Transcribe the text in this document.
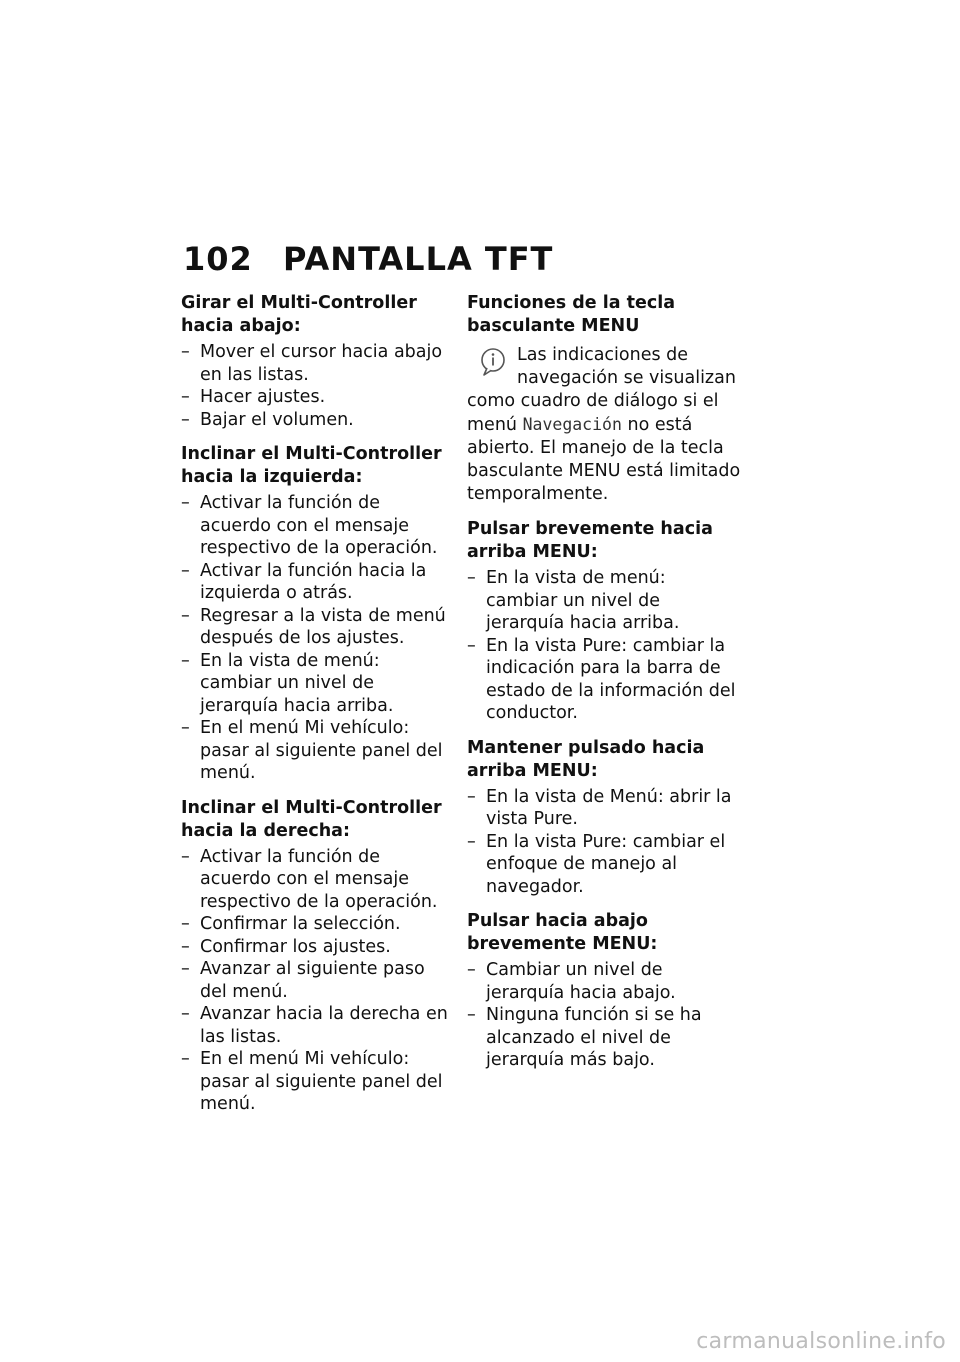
102 PANTALLA TFT
Girar el Multi-Controller hacia abajo:
– Mover el cursor hacia abajo en las listas.
– Hacer ajustes.
– Bajar el volumen.
Inclinar el Multi-Controller hacia la izquierda:
– Activar la función de acuerdo con el mensaje respectivo de la operación.
– Activar la función hacia la izquierda o atrás.
– Regresar a la vista de menú después de los ajustes.
– En la vista de menú: cambiar un nivel de jerarquía hacia arriba.
– En el menú Mi vehículo: pasar al siguiente panel del menú.
Inclinar el Multi-Controller hacia la derecha:
– Activar la función de acuerdo con el mensaje respectivo de la operación.
– Confirmar la selección.
– Confirmar los ajustes.
– Avanzar al siguiente paso del menú.
– Avanzar hacia la derecha en las listas.
– En el menú Mi vehículo: pasar al siguiente panel del menú.
Funciones de la tecla basculante MENU
Las indicaciones de navegación se visualizan como cuadro de diálogo si el menú Navegación no está abierto. El manejo de la tecla basculante MENU está limitado temporalmente.
Pulsar brevemente hacia arriba MENU:
– En la vista de menú: cambiar un nivel de jerarquía hacia arriba.
– En la vista Pure: cambiar la indicación para la barra de estado de la información del conductor.
Mantener pulsado hacia arriba MENU:
– En la vista de Menú: abrir la vista Pure.
– En la vista Pure: cambiar el enfoque de manejo al navegador.
Pulsar hacia abajo brevemente MENU:
– Cambiar un nivel de jerarquía hacia abajo.
– Ninguna función si se ha alcanzado el nivel de jerarquía más bajo.
carmanualsonline.info
